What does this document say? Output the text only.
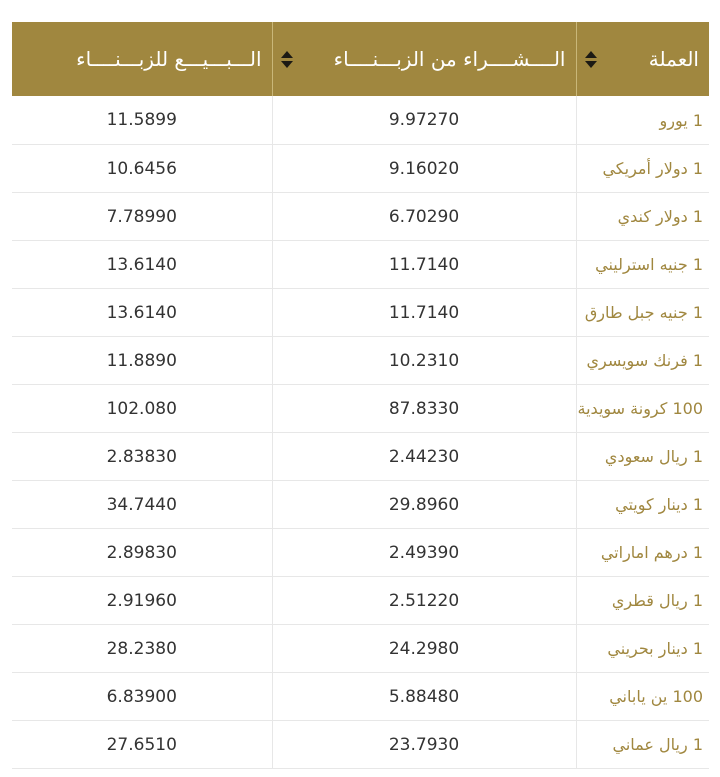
العملة	الــــشــــراء من الزبـــنــــاء	الـــبـــيـــع للزبـــنــــاء

1 يورو	9.97270	11.5899
1 دولار أمريكي	9.16020	10.6456
1 دولار كندي	6.70290	7.78990
1 جنيه استرليني	11.7140	13.6140
1 جنيه جبل طارق	11.7140	13.6140
1 فرنك سويسري	10.2310	11.8890
100 كرونة سويدية	87.8330	102.080
1 ريال سعودي	2.44230	2.83830
1 دينار كويتي	29.8960	34.7440
1 درهم اماراتي	2.49390	2.89830
1 ريال قطري	2.51220	2.91960
1 دينار بحريني	24.2980	28.2380
100 ين ياباني	5.88480	6.83900
1 ريال عماني	23.7930	27.6510
